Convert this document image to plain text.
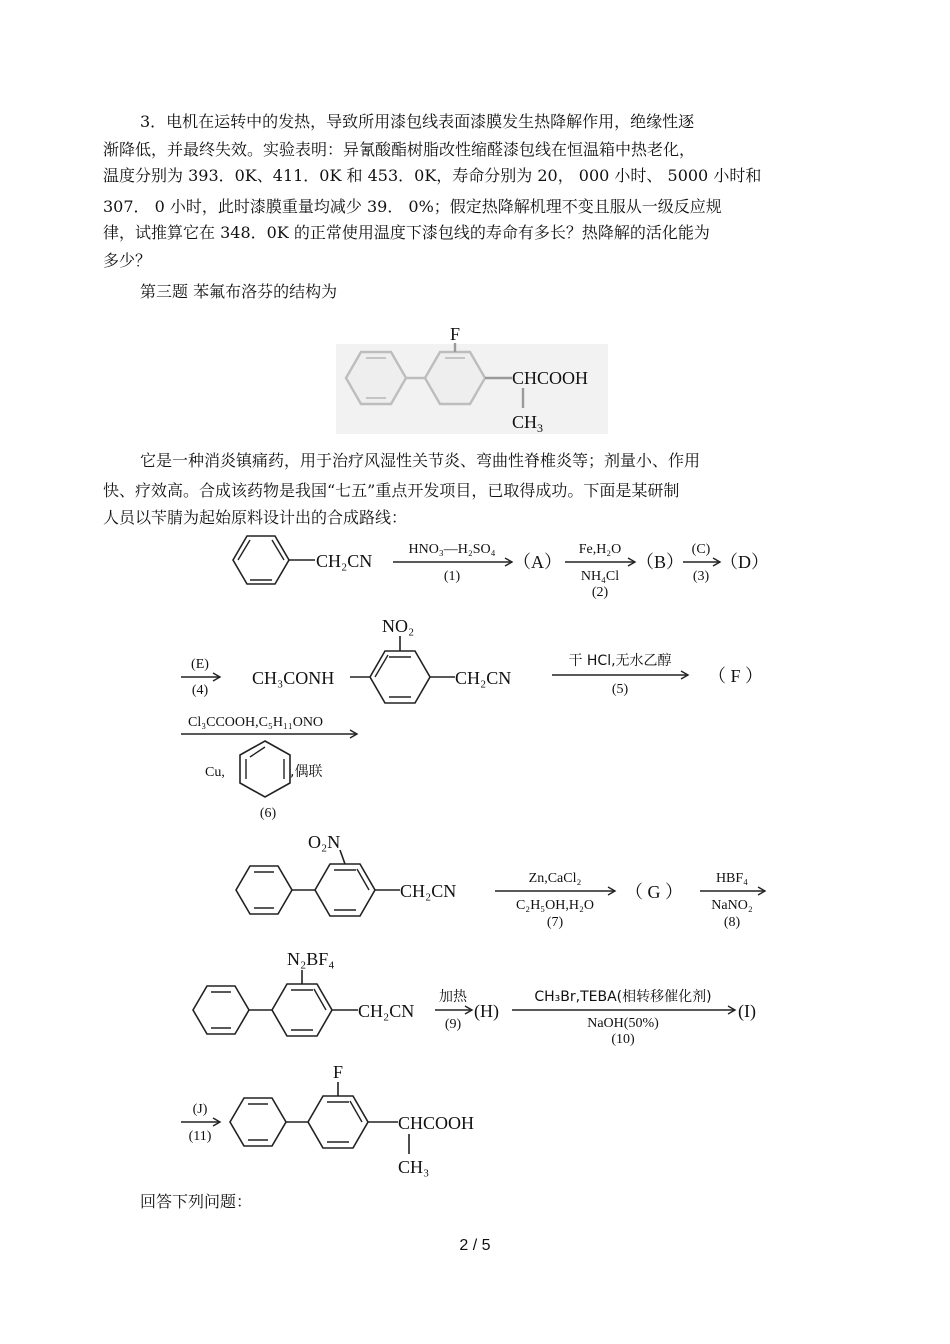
3．电机在运转中的发热，导致所用漆包线表面漆膜发生热降解作用，绝缘性逐
渐降低，并最终失效。实验表明：异氰酸酯树脂改性缩醛漆包线在恒温箱中热老化，
温度分别为 393．0K、411．0K 和 453．0K，寿命分别为 20， 000 小时、 5000 小时和
307． 0 小时，此时漆膜重量均减少 39． 0%；假定热降解机理不变且服从一级反应规
律，试推算它在 348．0K 的正常使用温度下漆包线的寿命有多长？热降解的活化能为
多少？
第三题 苯氟布洛芬的结构为
它是一种消炎镇痛药，用于治疗风湿性关节炎、弯曲性脊椎炎等；剂量小、作用
快、疗效高。合成该药物是我国“七五”重点开发项目，已取得成功。下面是某研制
人员以苄腈为起始原料设计出的合成路线：
回答下列问题：
F
CHCOOH
$CH_3$
CH₂CN
HNO₃—H₂SO₄
(1)
（A）
Fe,H₂O
NH₄Cl
(2)
（B）
(C)
(3)
（D）
(E)
(4)
CH₃CONH
NO₂
CH₂CN
干 HCl,无水乙醇
(5)
（ F ）
Cl₃CCOOH,C₅H₁₁ONO
Cu,	,偶联
(6)
O₂N
CH₂CN
Zn,CaCl₂
C₂H₅OH,H₂O
(7)
（ G ）
HBF₄
NaNO₂
(8)
N₂BF₄
CH₂CN
加热
(9)
(H)
CH₃Br,TEBA(相转移催化剂)
NaOH(50%)
(10)
(I)
(J)
(11)
F
CHCOOH
CH₃
2 / 5
